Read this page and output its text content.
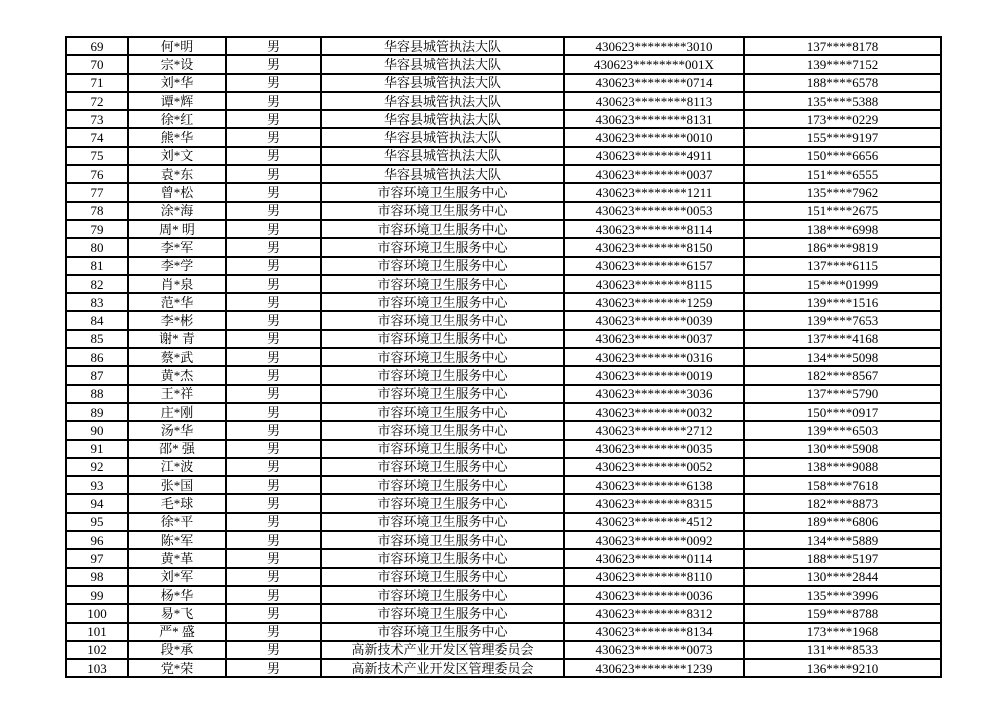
69	何*明	男	华容县城管执法大队	430623********3010	137****8178
70	宗*设	男	华容县城管执法大队	430623********001X	139****7152
71	刘*华	男	华容县城管执法大队	430623********0714	188****6578
72	谭*辉	男	华容县城管执法大队	430623********8113	135****5388
73	徐*红	男	华容县城管执法大队	430623********8131	173****0229
74	熊*华	男	华容县城管执法大队	430623********0010	155****9197
75	刘*文	男	华容县城管执法大队	430623********4911	150****6656
76	袁*东	男	华容县城管执法大队	430623********0037	151****6555
77	曾*松	男	市容环境卫生服务中心	430623********1211	135****7962
78	涂*海	男	市容环境卫生服务中心	430623********0053	151****2675
79	周* 明	男	市容环境卫生服务中心	430623********8114	138****6998
80	李*军	男	市容环境卫生服务中心	430623********8150	186****9819
81	李*学	男	市容环境卫生服务中心	430623********6157	137****6115
82	肖*泉	男	市容环境卫生服务中心	430623********8115	15****01999
83	范*华	男	市容环境卫生服务中心	430623********1259	139****1516
84	李*彬	男	市容环境卫生服务中心	430623********0039	139****7653
85	谢* 青	男	市容环境卫生服务中心	430623********0037	137****4168
86	蔡*武	男	市容环境卫生服务中心	430623********0316	134****5098
87	黄*杰	男	市容环境卫生服务中心	430623********0019	182****8567
88	王*祥	男	市容环境卫生服务中心	430623********3036	137****5790
89	庄*刚	男	市容环境卫生服务中心	430623********0032	150****0917
90	汤*华	男	市容环境卫生服务中心	430623********2712	139****6503
91	邵* 强	男	市容环境卫生服务中心	430623********0035	130****5908
92	江*波	男	市容环境卫生服务中心	430623********0052	138****9088
93	张*国	男	市容环境卫生服务中心	430623********6138	158****7618
94	毛*球	男	市容环境卫生服务中心	430623********8315	182****8873
95	徐*平	男	市容环境卫生服务中心	430623********4512	189****6806
96	陈*军	男	市容环境卫生服务中心	430623********0092	134****5889
97	黄*革	男	市容环境卫生服务中心	430623********0114	188****5197
98	刘*军	男	市容环境卫生服务中心	430623********8110	130****2844
99	杨*华	男	市容环境卫生服务中心	430623********0036	135****3996
100	易*飞	男	市容环境卫生服务中心	430623********8312	159****8788
101	严* 盛	男	市容环境卫生服务中心	430623********8134	173****1968
102	段*承	男	高新技术产业开发区管理委员会	430623********0073	131****8533
103	党*荣	男	高新技术产业开发区管理委员会	430623********1239	136****9210
